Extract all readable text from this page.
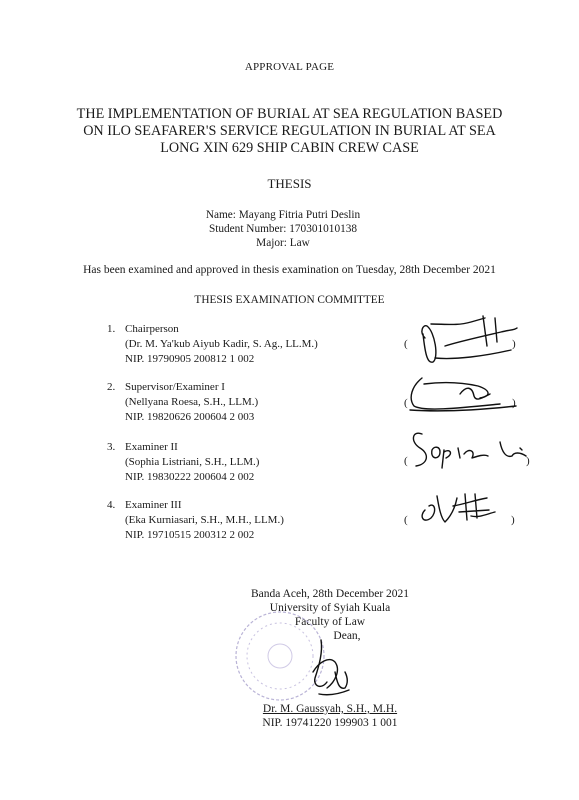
APPROVAL PAGE
THE IMPLEMENTATION OF BURIAL AT SEA REGULATION BASED
ON ILO SEAFARER'S SERVICE REGULATION IN BURIAL AT SEA
LONG XIN 629 SHIP CABIN CREW CASE
THESIS
Name: Mayang Fitria Putri Deslin
Student Number: 170301010138
Major: Law
Has been examined and approved in thesis examination on Tuesday, 28th December 2021
THESIS EXAMINATION COMMITTEE
1. Chairperson
(Dr. M. Ya'kub Aiyub Kadir, S. Ag., LL.M.)
NIP. 19790905 200812 1 002
(	)
2. Supervisor/Examiner I
(Nellyana Roesa, S.H., LLM.)
NIP. 19820626 200604 2 003
(	)
3. Examiner II
(Sophia Listriani, S.H., LLM.)
NIP. 19830222 200604 2 002
(	)
4. Examiner III
(Eka Kurniasari, S.H., M.H., LLM.)
NIP. 19710515 200312 2 002
(	)
Banda Aceh, 28th December 2021
University of Syiah Kuala
Faculty of Law
Dean,
Dr. M. Gaussyah, S.H., M.H.
NIP. 19741220 199903 1 001
